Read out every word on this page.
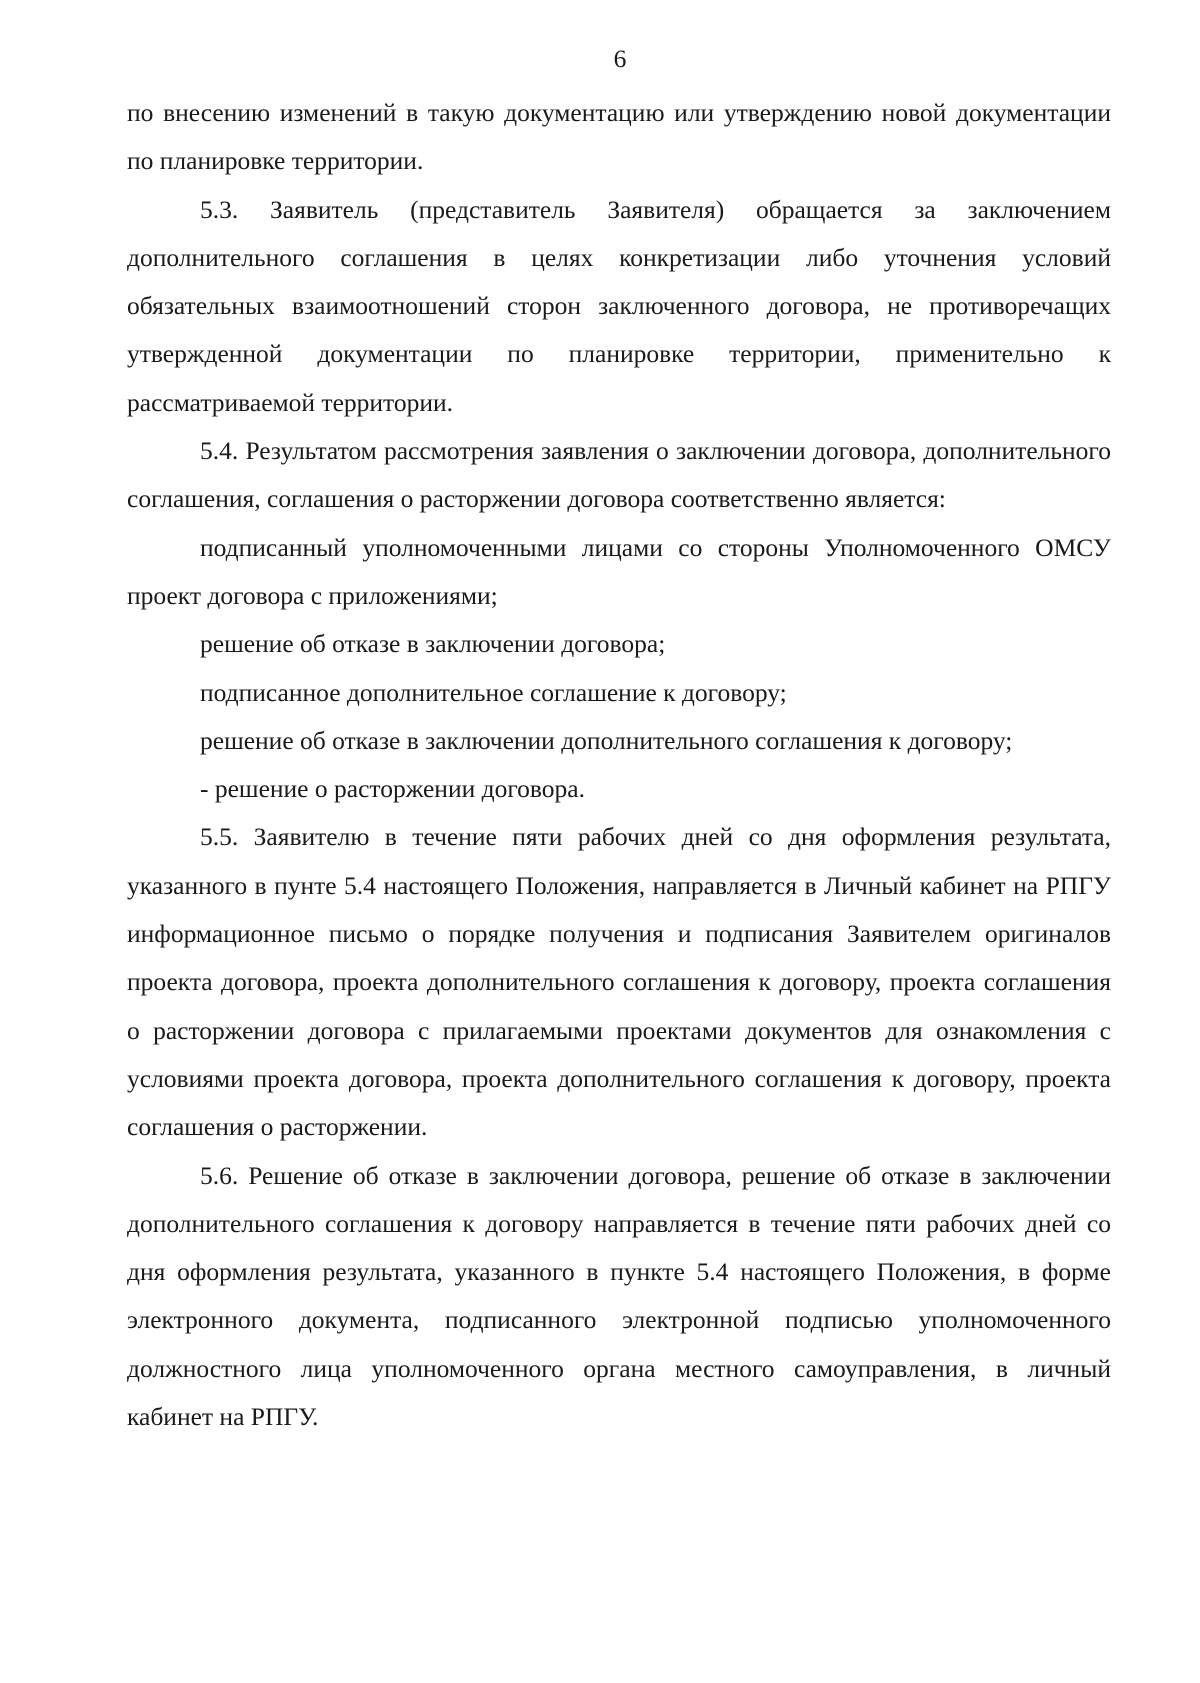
6

по внесению изменений в такую документацию или утверждению новой документации по планировке территории.

5.3. Заявитель (представитель Заявителя) обращается за заключением дополнительного соглашения в целях конкретизации либо уточнения условий обязательных взаимоотношений сторон заключенного договора, не противоречащих утвержденной документации по планировке территории, применительно к рассматриваемой территории.

5.4. Результатом рассмотрения заявления о заключении договора, дополнительного соглашения, соглашения о расторжении договора соответственно является:

подписанный уполномоченными лицами со стороны Уполномоченного ОМСУ проект договора с приложениями;

решение об отказе в заключении договора;

подписанное дополнительное соглашение к договору;

решение об отказе в заключении дополнительного соглашения к договору;

- решение о расторжении договора.

5.5. Заявителю в течение пяти рабочих дней со дня оформления результата, указанного в пунте 5.4 настоящего Положения, направляется в Личный кабинет на РПГУ информационное письмо о порядке получения и подписания Заявителем оригиналов проекта договора, проекта дополнительного соглашения к договору, проекта соглашения о расторжении договора с прилагаемыми проектами документов для ознакомления с условиями проекта договора, проекта дополнительного соглашения к договору, проекта соглашения о расторжении.

5.6. Решение об отказе в заключении договора, решение об отказе в заключении дополнительного соглашения к договору направляется в течение пяти рабочих дней со дня оформления результата, указанного в пункте 5.4 настоящего Положения, в форме электронного документа, подписанного электронной подписью уполномоченного должностного лица уполномоченного органа местного самоуправления, в личный кабинет на РПГУ.
